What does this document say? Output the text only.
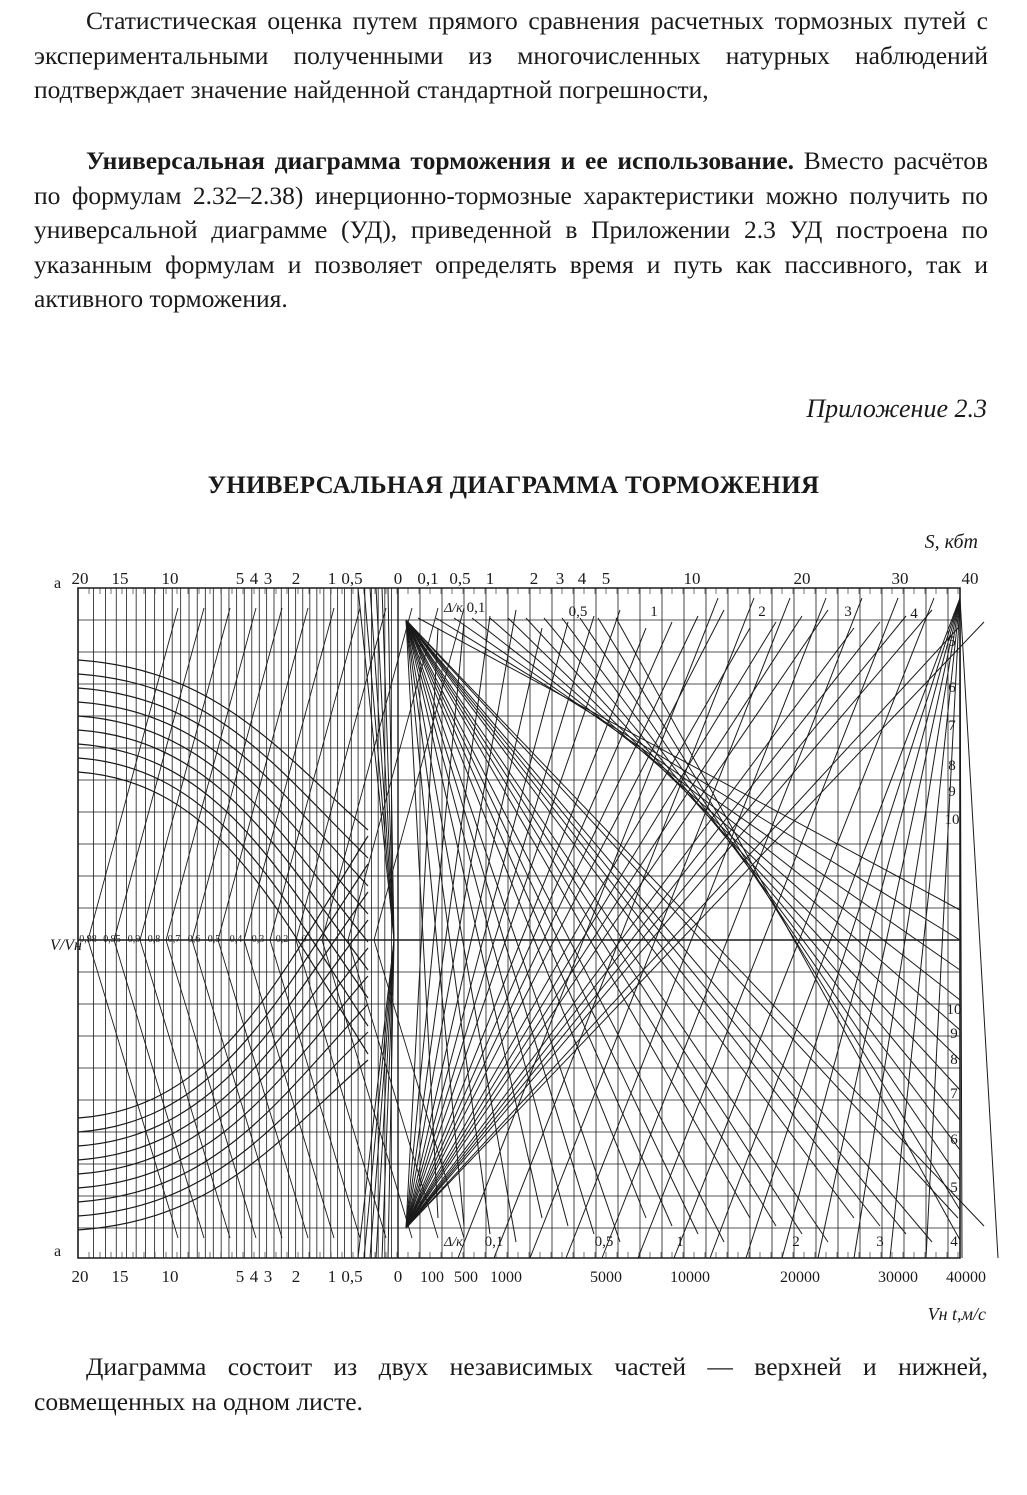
Статистическая оценка путем прямого сравнения расчетных тормозных путей с экспериментальными полученными из многочисленных натурных наблюдений подтверждает значение найденной стандартной погрешности,

Универсальная диаграмма торможения и ее использование. Вместо расчётов по формулам 2.32–2.38) инерционно-тормозные характеристики можно получить по универсальной диаграмме (УД), приведенной в Приложении 2.3 УД построена по указанным формулам и позволяет определять время и путь как пассивного, так и активного торможения.

Приложение 2.3
УНИВЕРСАЛЬНАЯ ДИАГРАММА ТОРМОЖЕНИЯ
S, кбт
а
а
20 15 10	5 4 3 2 1 0,5 0 0,1 0,5 1 2 3 4 5	10	20	30	40
20 15 10	5 4 3 2 1 0,5 0 100 500 1000	5000	10000	20000	30000 40000
Vн t,м/с
V/Vн
0,98 0,95 0,9 0,8 0,7 0,6 0,5 0,4 0,3 0,2 0
Δ/к
Δ/к
0,1	0,5	1	2	3	4
0,1	0,5	1	2	3	4
5
6
7
8
9
10
10
9
8
7
6
5

Диаграмма состоит из двух независимых частей — верхней и нижней, совмещенных на одном листе.
